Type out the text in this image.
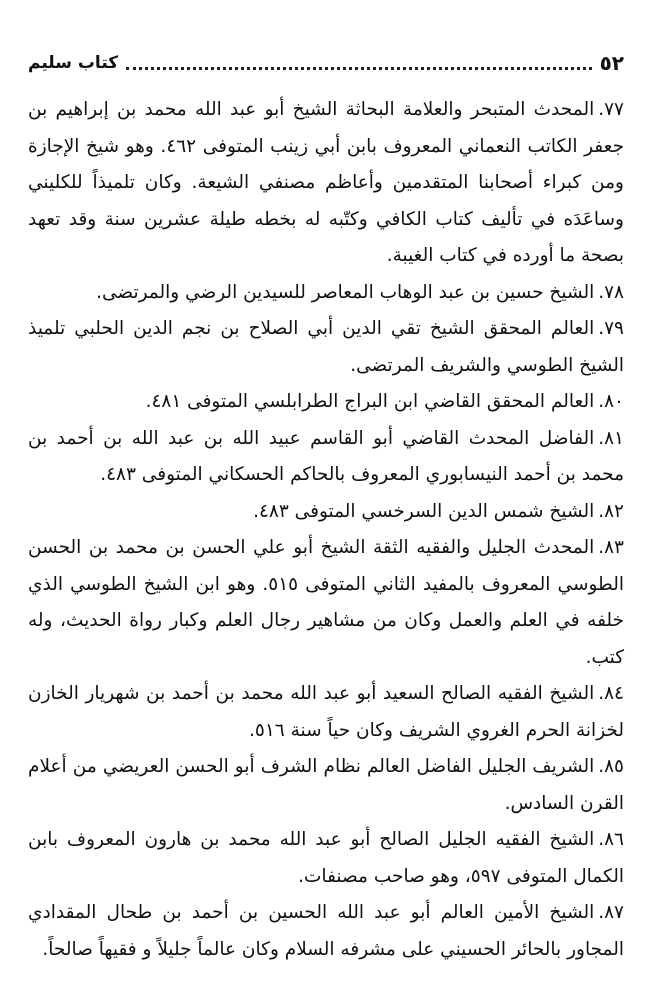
٥٢
كتاب سليم

٧٧.المحدث المتبحر والعلامة البحاثة الشيخ أبو عبد الله محمد بن إبراهيم بن جعفر الكاتب النعماني المعروف بابن أبي زينب المتوفى ٤٦٢. وهو شيخ الإجازة ومن كبراء أصحابنا المتقدمين وأعاظم مصنفي الشيعة. وكان تلميذاً للكليني وساعَدَه في تأليف كتاب الكافي وكتّبه له بخطه طيلة عشرين سنة وقد تعهد بصحة ما أورده في كتاب الغيبة.

٧٨.الشيخ حسين بن عبد الوهاب المعاصر للسيدين الرضي والمرتضى.

٧٩.العالم المحقق الشيخ تقي الدين أبي الصلاح بن نجم الدين الحلبي تلميذ الشيخ الطوسي والشريف المرتضى.

٨٠.العالم المحقق القاضي ابن البراج الطرابلسي المتوفى ٤٨١.

٨١.الفاضل المحدث القاضي أبو القاسم عبيد الله بن عبد الله بن أحمد بن محمد بن أحمد النيسابوري المعروف بالحاكم الحسكاني المتوفى ٤٨٣.

٨٢.الشيخ شمس الدين السرخسي المتوفى ٤٨٣.

٨٣.المحدث الجليل والفقيه الثقة الشيخ أبو علي الحسن بن محمد بن الحسن الطوسي المعروف بالمفيد الثاني المتوفى ٥١٥. وهو ابن الشيخ الطوسي الذي خلفه في العلم والعمل وكان من مشاهير رجال العلم وكبار رواة الحديث، وله كتب.

٨٤.الشيخ الفقيه الصالح السعيد أبو عبد الله محمد بن أحمد بن شهريار الخازن لخزانة الحرم الغروي الشريف وكان حياً سنة ٥١٦.

٨٥.الشريف الجليل الفاضل العالم نظام الشرف أبو الحسن العريضي من أعلام القرن السادس.

٨٦.الشيخ الفقيه الجليل الصالح أبو عبد الله محمد بن هارون المعروف بابن الكمال المتوفى ٥٩٧، وهو صاحب مصنفات.

٨٧.الشيخ الأمين العالم أبو عبد الله الحسين بن أحمد بن طحال المقدادي المجاور بالحائر الحسيني على مشرفه السلام وكان عالماً جليلاً و فقيهاً صالحاً.
